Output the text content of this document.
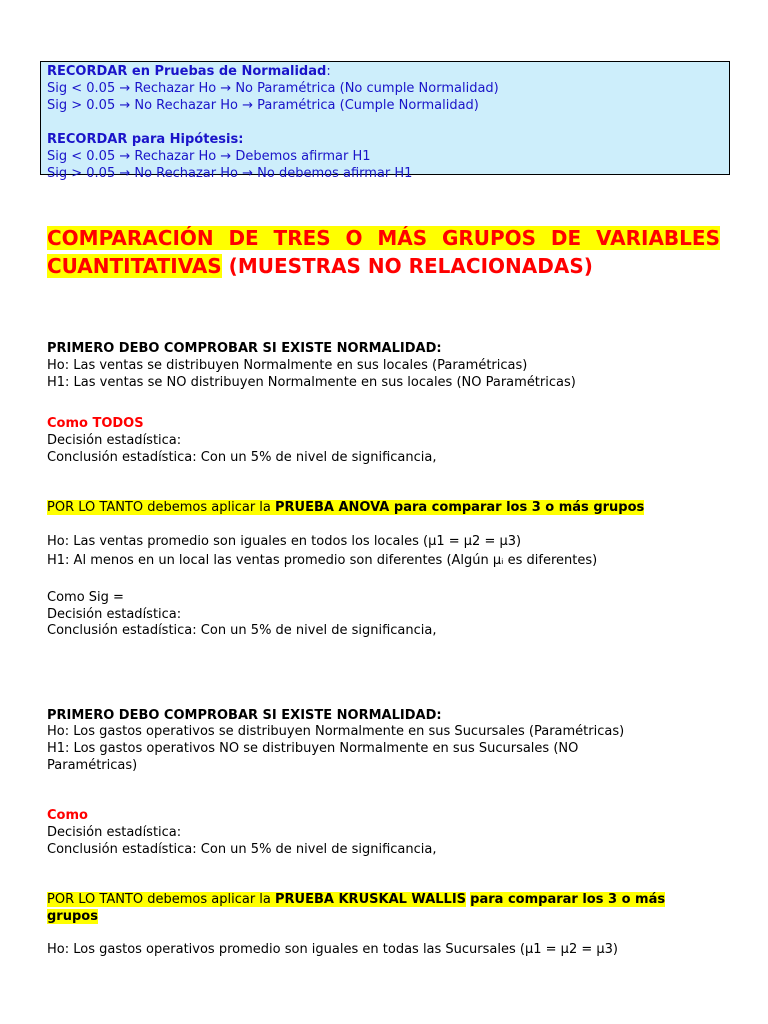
RECORDAR en Pruebas de Normalidad:
Sig < 0.05 → Rechazar Ho → No Paramétrica (No cumple Normalidad)
Sig > 0.05 → No Rechazar Ho → Paramétrica (Cumple Normalidad)
RECORDAR para Hipótesis:
Sig < 0.05 → Rechazar Ho → Debemos afirmar H1
Sig > 0.05 → No Rechazar Ho → No debemos afirmar H1
COMPARACIÓN DE TRES O MÁS GRUPOS DE VARIABLES CUANTITATIVAS (MUESTRAS NO RELACIONADAS)
PRIMERO DEBO COMPROBAR SI EXISTE NORMALIDAD:
Ho: Las ventas se distribuyen Normalmente en sus locales (Paramétricas)
H1: Las ventas se NO distribuyen Normalmente en sus locales (NO Paramétricas)
Como TODOS
Decisión estadística:
Conclusión estadística: Con un 5% de nivel de significancia,
POR LO TANTO debemos aplicar la PRUEBA ANOVA para comparar los 3 o más grupos
Ho: Las ventas promedio son iguales en todos los locales (μ1 = μ2 = μ3)
H1: Al menos en un local las ventas promedio son diferentes (Algún μᵢ es diferentes)
Como Sig =
Decisión estadística:
Conclusión estadística: Con un 5% de nivel de significancia,
PRIMERO DEBO COMPROBAR SI EXISTE NORMALIDAD:
Ho: Los gastos operativos se distribuyen Normalmente en sus Sucursales (Paramétricas)
H1: Los gastos operativos NO se distribuyen Normalmente en sus Sucursales (NO Paramétricas)
Como
Decisión estadística:
Conclusión estadística: Con un 5% de nivel de significancia,
POR LO TANTO debemos aplicar la PRUEBA KRUSKAL WALLIS para comparar los 3 o más grupos
Ho: Los gastos operativos promedio son iguales en todas las Sucursales (μ1 = μ2 = μ3)
